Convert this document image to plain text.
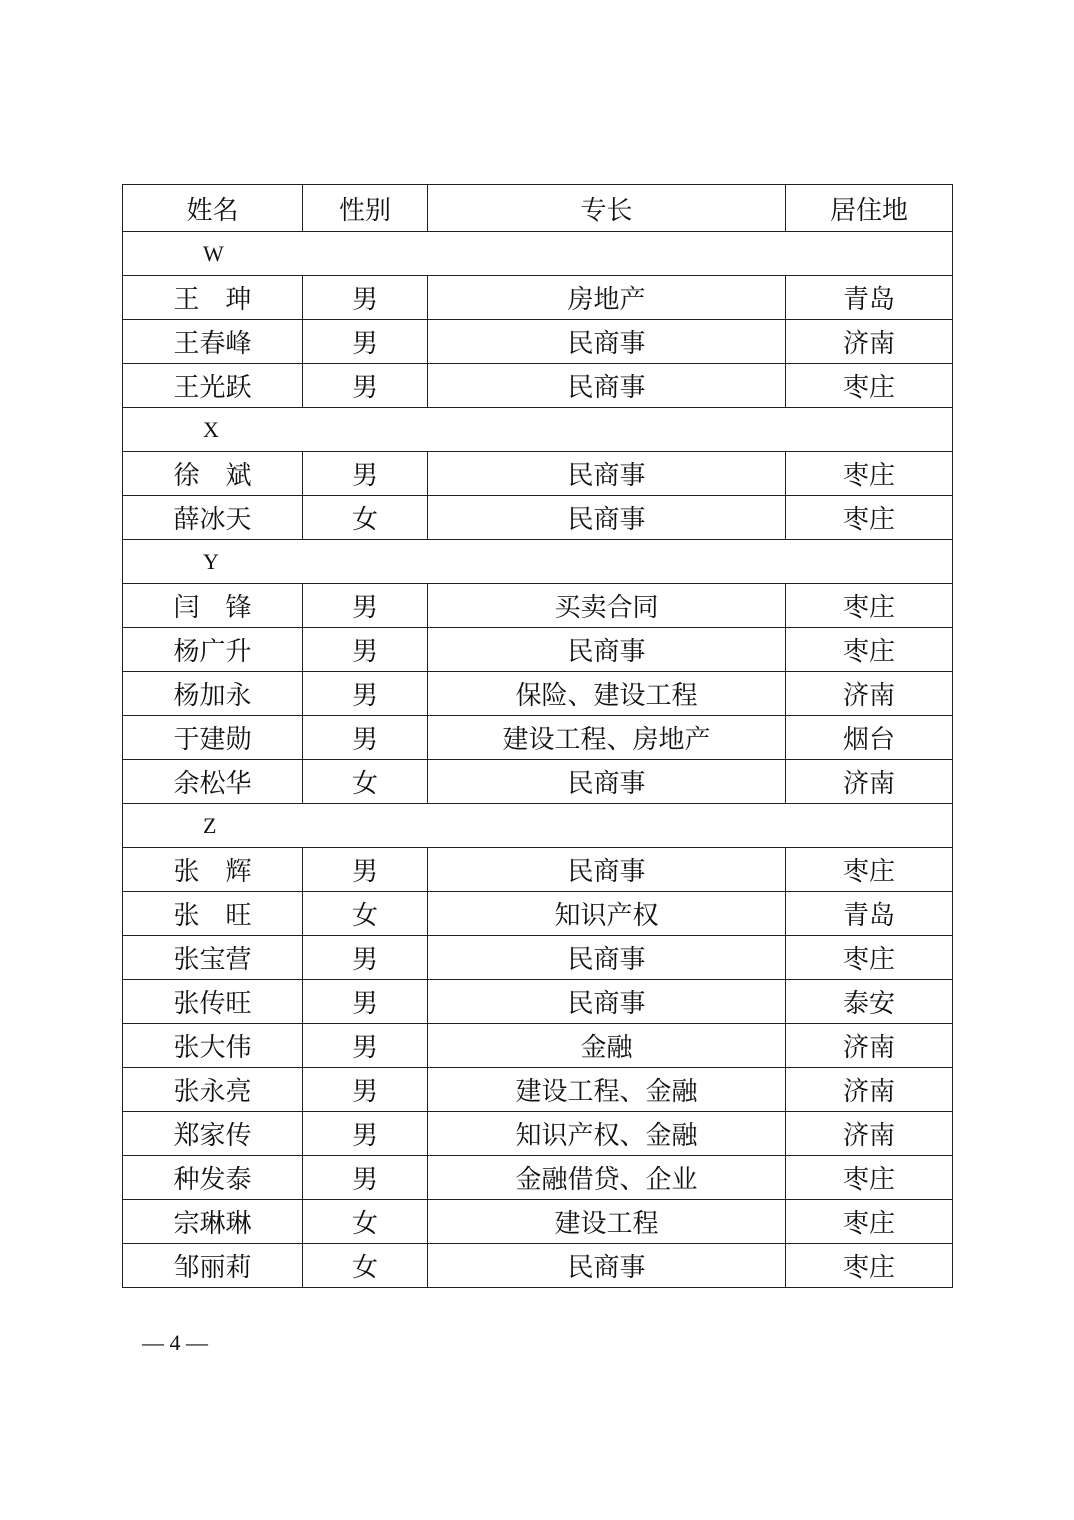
姓名	性别	专长	居住地
W			
王　珅	男	房地产	青岛
王春峰	男	民商事	济南
王光跃	男	民商事	枣庄
X			
徐　斌	男	民商事	枣庄
薛冰天	女	民商事	枣庄
Y			
闫　锋	男	买卖合同	枣庄
杨广升	男	民商事	枣庄
杨加永	男	保险、建设工程	济南
于建勋	男	建设工程、房地产	烟台
余松华	女	民商事	济南
Z			
张　辉	男	民商事	枣庄
张　旺	女	知识产权	青岛
张宝营	男	民商事	枣庄
张传旺	男	民商事	泰安
张大伟	男	金融	济南
张永亮	男	建设工程、金融	济南
郑家传	男	知识产权、金融	济南
种发泰	男	金融借贷、企业	枣庄
宗琳琳	女	建设工程	枣庄
邹丽莉	女	民商事	枣庄
— 4 —
